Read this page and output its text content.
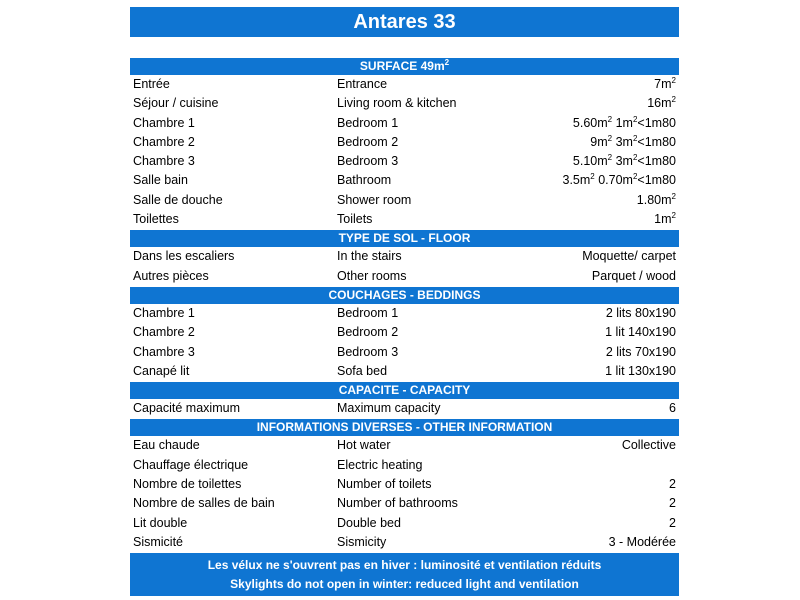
Antares 33
SURFACE $49m^2$
Entrée	Entrance	$7m^2$
Séjour / cuisine	Living room & kitchen	$16m^2$
Chambre 1	Bedroom 1	$5.60m^2$ $1m^2<1m80$
Chambre 2	Bedroom 2	$9m^2$ $3m^2<1m80$
Chambre 3	Bedroom 3	$5.10m^2$ $3m^2<1m80$
Salle bain	Bathroom	$3.5m^2$ $0.70m^2<1m80$
Salle de douche	Shower room	$1.80m^2$
Toilettes	Toilets	$1m^2$
TYPE DE SOL - FLOOR
Dans les escaliers	In the stairs	Moquette/ carpet
Autres pièces	Other rooms	Parquet / wood
COUCHAGES - BEDDINGS
Chambre 1	Bedroom 1	2 lits 80x190
Chambre 2	Bedroom 2	1 lit 140x190
Chambre 3	Bedroom 3	2 lits 70x190
Canapé lit	Sofa bed	1 lit 130x190
CAPACITE - CAPACITY
Capacité maximum	Maximum capacity	6
INFORMATIONS DIVERSES - OTHER INFORMATION
Eau chaude	Hot water	Collective
Chauffage électrique	Electric heating
Nombre de toilettes	Number of toilets	2
Nombre de salles de bain	Number of bathrooms	2
Lit double	Double bed	2
Sismicité	Sismicity	3 - Modérée
Les vélux ne s'ouvrent pas en hiver : luminosité et ventilation réduits
Skylights do not open in winter: reduced light and ventilation
